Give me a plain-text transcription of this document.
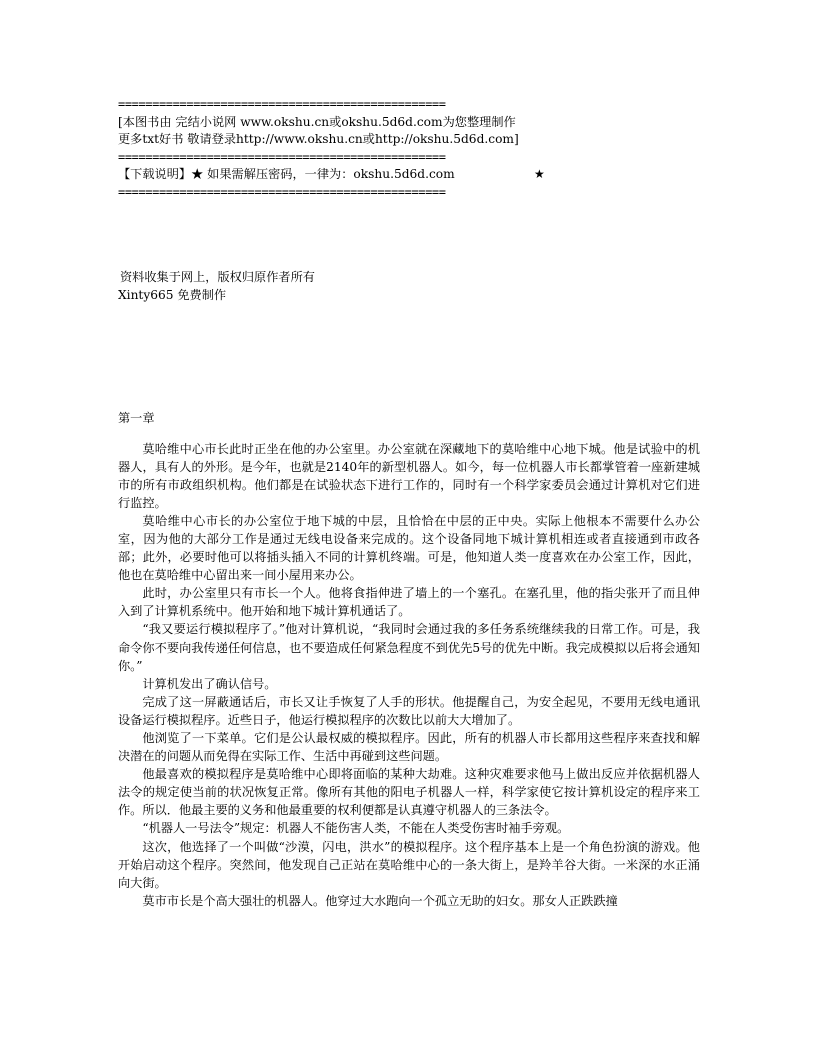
================================================
[本图书由 完结小说网 www.okshu.cn或okshu.5d6d.com为您整理制作
更多txt好书 敬请登录http://www.okshu.cn或http://okshu.5d6d.com]
================================================
【下载说明】★ 如果需解压密码，一律为：okshu.5d6d.com	★
================================================
资料收集于网上，版权归原作者所有
Xinty665 免费制作
第一章

莫哈维中心市长此时正坐在他的办公室里。办公室就在深藏地下的莫哈维中心地下城。他是试验中的机器人，具有人的外形。是今年，也就是2140年的新型机器人。如今，每一位机器人市长都掌管着一座新建城市的所有市政组织机构。他们都是在试验状态下进行工作的，同时有一个科学家委员会通过计算机对它们进行监控。

莫哈维中心市长的办公室位于地下城的中层，且恰恰在中层的正中央。实际上他根本不需要什么办公室，因为他的大部分工作是通过无线电设备来完成的。这个设备同地下城计算机相连或者直接通到市政各部；此外，必要时他可以将插头插入不同的计算机终端。可是，他知道人类一度喜欢在办公室工作，因此，他也在莫哈维中心留出来一间小屋用来办公。

此时，办公室里只有市长一个人。他将食指伸进了墙上的一个塞孔。在塞孔里，他的指尖张开了而且伸入到了计算机系统中。他开始和地下城计算机通话了。

“我又要运行模拟程序了。”他对计算机说，“我同时会通过我的多任务系统继续我的日常工作。可是，我命令你不要向我传递任何信息，也不要造成任何紧急程度不到优先5号的优先中断。我完成模拟以后将会通知你。”

计算机发出了确认信号。

完成了这一屏蔽通话后，市长又让手恢复了人手的形状。他提醒自己，为安全起见，不要用无线电通讯设备运行模拟程序。近些日子，他运行模拟程序的次数比以前大大增加了。

他浏览了一下菜单。它们是公认最权威的模拟程序。因此，所有的机器人市长都用这些程序来查找和解决潜在的问题从而免得在实际工作、生活中再碰到这些问题。

他最喜欢的模拟程序是莫哈维中心即将面临的某种大劫难。这种灾难要求他马上做出反应并依据机器人法令的规定使当前的状况恢复正常。像所有其他的阳电子机器人一样，科学家使它按计算机设定的程序来工作。所以．他最主要的义务和他最重要的权利便都是认真遵守机器人的三条法令。

“机器人一号法令”规定：机器人不能伤害人类，不能在人类受伤害时袖手旁观。

这次，他选择了一个叫做“沙漠，闪电，洪水”的模拟程序。这个程序基本上是一个角色扮演的游戏。他开始启动这个程序。突然间，他发现自己正站在莫哈维中心的一条大街上，是羚羊谷大街。一米深的水正涌向大街。

莫市市长是个高大强壮的机器人。他穿过大水跑向一个孤立无助的妇女。那女人正跌跌撞
